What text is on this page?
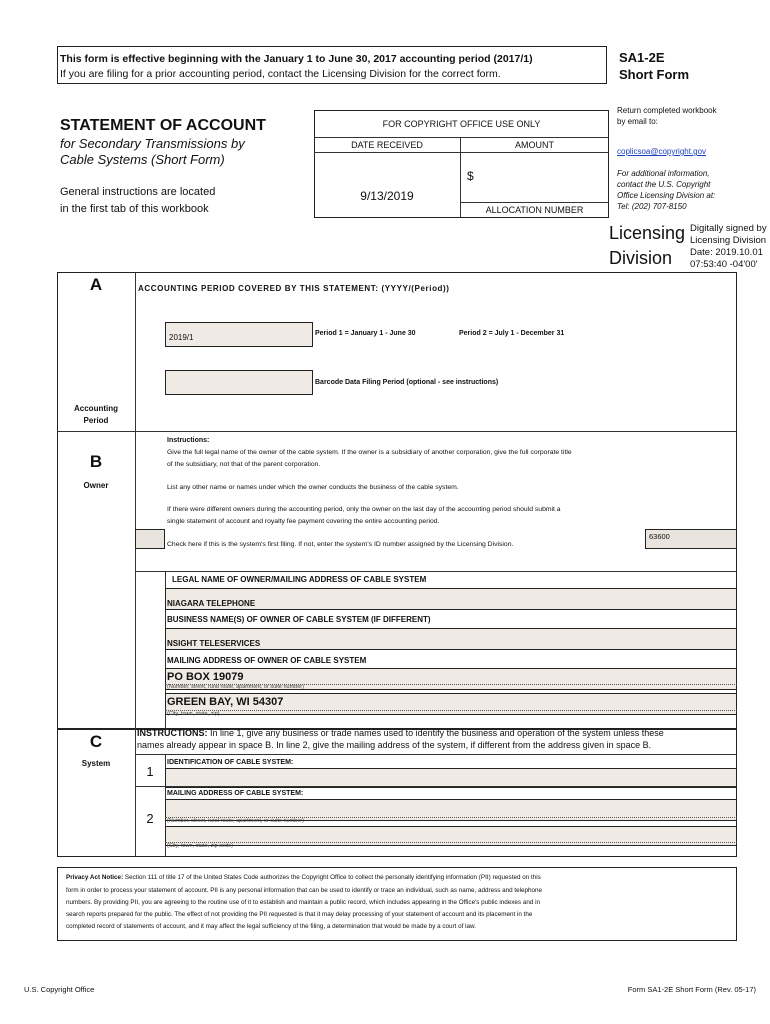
This form is effective beginning with the January 1 to June 30, 2017 accounting period (2017/1)
If you are filing for a prior accounting period, contact the Licensing Division for the correct form.
SA1-2E
Short Form
STATEMENT OF ACCOUNT
for Secondary Transmissions by
Cable Systems (Short Form)
General instructions are located
in the first tab of this workbook
FOR COPYRIGHT OFFICE USE ONLY
DATE RECEIVED	AMOUNT
9/13/2019
$
ALLOCATION NUMBER
Return completed workbook
by email to:
coplicsoa@copyright.gov
For additional information,
contact the U.S. Copyright
Office Licensing Division at:
Tel: (202) 707-8150
Licensing
Division
Digitally signed by
Licensing Division
Date: 2019.10.01
07:53:40 -04'00'
A
Accounting
Period
ACCOUNTING PERIOD COVERED BY THIS STATEMENT: (YYYY/(Period))
2019/1	Period 1 = January 1 - June 30	Period 2 = July 1 - December 31
Barcode Data Filing Period (optional - see instructions)
B
Owner
Instructions:
Give the full legal name of the owner of the cable system. If the owner is a subsidiary of another corporation, give the full corporate title
of the subsidiary, not that of the parent corporation.
List any other name or names under which the owner conducts the business of the cable system.
If there were different owners during the accounting period, only the owner on the last day of the accounting period should submit a
single statement of account and royalty fee payment covering the entire accounting period.
Check here if this is the system's first filing. If not, enter the system's ID number assigned by the Licensing Division.
63600
LEGAL NAME OF OWNER/MAILING ADDRESS OF CABLE SYSTEM
NIAGARA TELEPHONE
BUSINESS NAME(S) OF OWNER OF CABLE SYSTEM (IF DIFFERENT)
NSIGHT TELESERVICES
MAILING ADDRESS OF OWNER OF CABLE SYSTEM
PO BOX 19079
(Number, street, rural route, apartment, or suite number)
GREEN BAY, WI 54307
(City, town, state, zip)
C
System
INSTRUCTIONS: In line 1, give any business or trade names used to identify the business and operation of the system unless these
names already appear in space B. In line 2, give the mailing address of the system, if different from the address given in space B.
1
IDENTIFICATION OF CABLE SYSTEM:
MAILING ADDRESS OF CABLE SYSTEM:
2	(Number, street, rural route, apartment, or suite number)
(City, town, state, zip code)
Privacy Act Notice: Section 111 of title 17 of the United States Code authorizes the Copyright Office to collect the personally identifying information (PII) requested on this
form in order to process your statement of account. PII is any personal information that can be used to identify or trace an individual, such as name, address and telephone
numbers. By providing PII, you are agreeing to the routine use of it to establish and maintain a public record, which includes appearing in the Office's public indexes and in
search reports prepared for the public. The effect of not providing the PII requested is that it may delay processing of your statement of account and its placement in the
completed record of statements of account, and it may affect the legal sufficiency of the filing, a determination that would be made by a court of law.
U.S. Copyright Office	Form SA1-2E Short Form (Rev. 05-17)
